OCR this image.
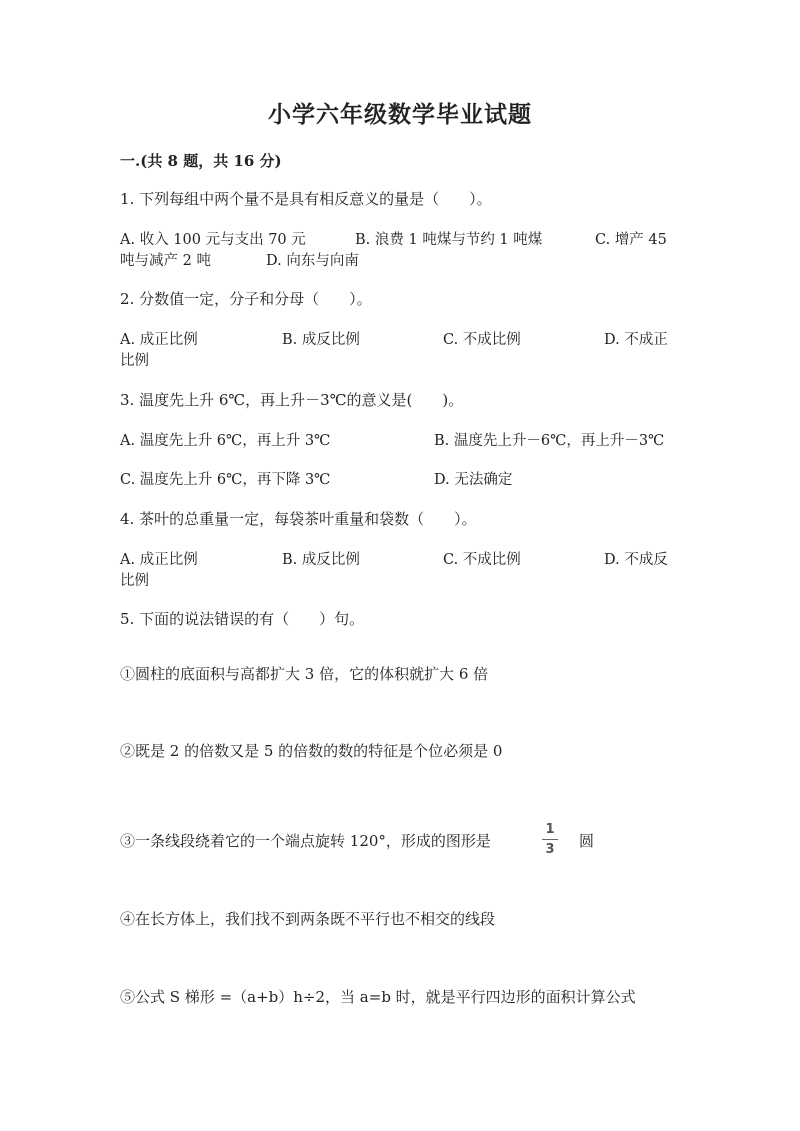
小学六年级数学毕业试题
一.(共 8 题，共 16 分)
1. 下列每组中两个量不是具有相反意义的量是（　　）。
A. 收入 100 元与支出 70 元	B. 浪费 1 吨煤与节约 1 吨煤	C. 增产 45
吨与减产 2 吨	D. 向东与向南
2. 分数值一定，分子和分母（　　）。
A. 成正比例	B. 成反比例	C. 不成比例	D. 不成正
比例
3. 温度先上升 6℃，再上升－3℃的意义是(　　)。
A. 温度先上升 6℃，再上升 3℃	B. 温度先上升－6℃，再上升－3℃
C. 温度先上升 6℃，再下降 3℃	D. 无法确定
4. 茶叶的总重量一定，每袋茶叶重量和袋数（　　）。
A. 成正比例	B. 成反比例	C. 不成比例	D. 不成反
比例
5. 下面的说法错误的有（　　）句。
①圆柱的底面积与高都扩大 3 倍，它的体积就扩大 6 倍
②既是 2 的倍数又是 5 的倍数的数的特征是个位必须是 0
③一条线段绕着它的一个端点旋转 120°，形成的图形是
1
3 圆
④在长方体上，我们找不到两条既不平行也不相交的线段
⑤公式 S 梯形 =（a+b）h÷2，当 a=b 时，就是平行四边形的面积计算公式
